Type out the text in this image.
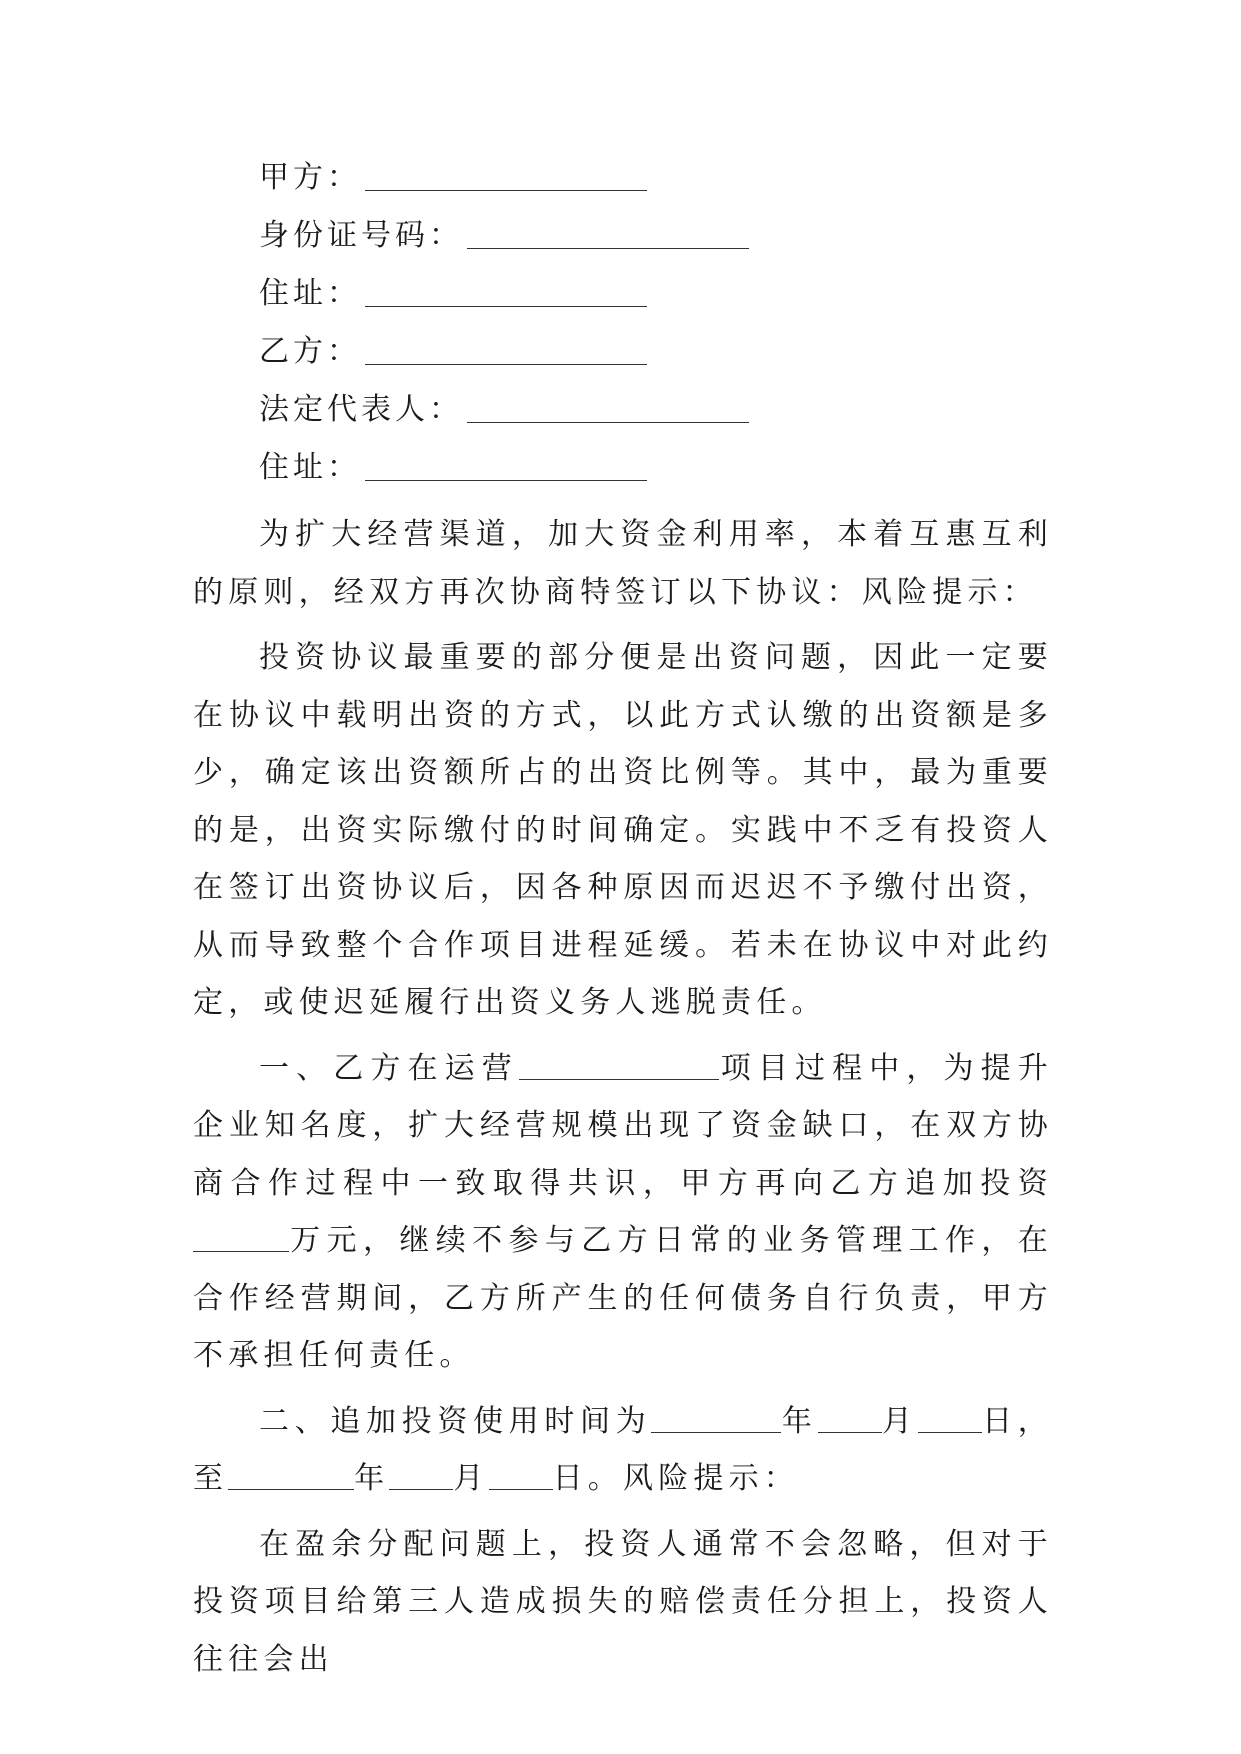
甲方：
身份证号码：
住址：
乙方：
法定代表人：
住址：

为扩大经营渠道，加大资金利用率，本着互惠互利的原则，经双方再次协商特签订以下协议：风险提示：

投资协议最重要的部分便是出资问题，因此一定要在协议中载明出资的方式，以此方式认缴的出资额是多少，确定该出资额所占的出资比例等。其中，最为重要的是，出资实际缴付的时间确定。实践中不乏有投资人在签订出资协议后，因各种原因而迟迟不予缴付出资，从而导致整个合作项目进程延缓。若未在协议中对此约定，或使迟延履行出资义务人逃脱责任。

一、乙方在运营	项目过程中，为提升企业知名度，扩大经营规模出现了资金缺口，在双方协商合作过程中一致取得共识，甲方再向乙方追加投资万元，继续不参与乙方日常的业务管理工作，在合作经营期间，乙方所产生的任何债务自行负责，甲方不承担任何责任。

二、追加投资使用时间为	年 月 日，至	年 月 日。风险提示：

在盈余分配问题上，投资人通常不会忽略，但对于投资项目给第三人造成损失的赔偿责任分担上，投资人往往会出
